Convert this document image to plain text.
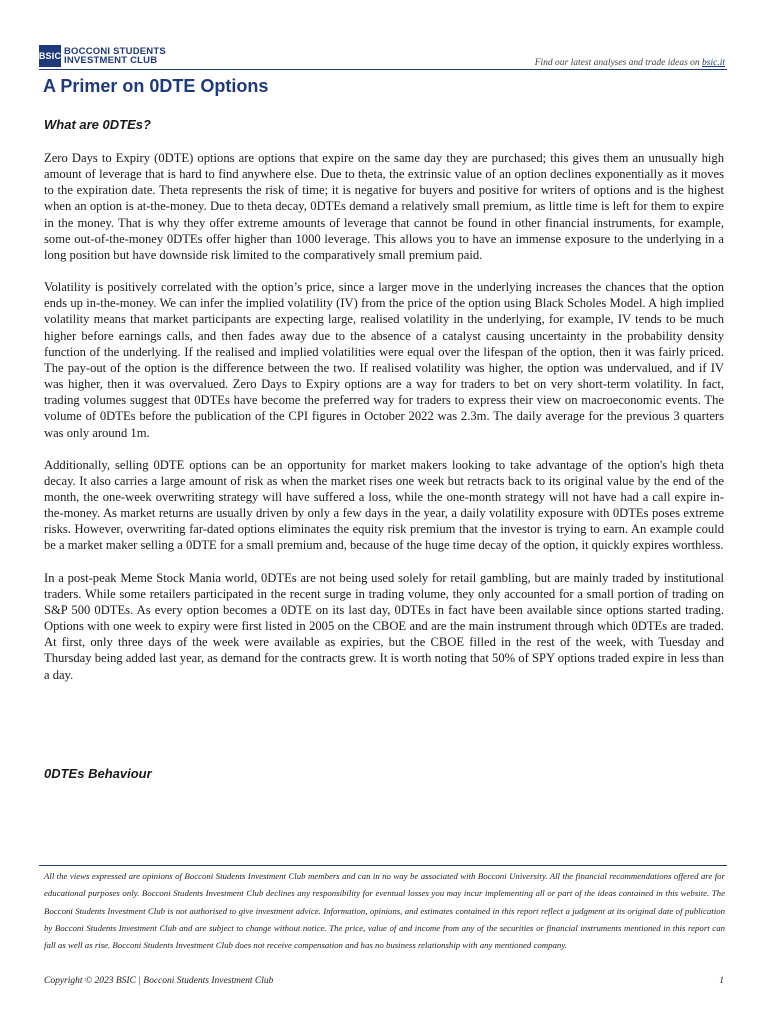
BSIC BOCCONI STUDENTS
INVESTMENT CLUB	Find our latest analyses and trade ideas on bsic.it
A Primer on 0DTE Options
What are 0DTEs?

Zero Days to Expiry (0DTE) options are options that expire on the same day they are purchased; this gives them an unusually high amount of leverage that is hard to find anywhere else. Due to theta, the extrinsic value of an option declines exponentially as it moves to the expiration date. Theta represents the risk of time; it is negative for buyers and positive for writers of options and is the highest when an option is at-the-money. Due to theta decay, 0DTEs demand a relatively small premium, as little time is left for them to expire in the money. That is why they offer extreme amounts of leverage that cannot be found in other financial instruments, for example, some out-of-the-money 0DTEs offer higher than 1000 leverage. This allows you to have an immense exposure to the underlying in a long position but have downside risk limited to the comparatively small premium paid.

Volatility is positively correlated with the option’s price, since a larger move in the underlying increases the chances that the option ends up in-the-money. We can infer the implied volatility (IV) from the price of the option using Black Scholes Model. A high implied volatility means that market participants are expecting large, realised volatility in the underlying, for example, IV tends to be much higher before earnings calls, and then fades away due to the absence of a catalyst causing uncertainty in the probability density function of the underlying. If the realised and implied volatilities were equal over the lifespan of the option, then it was fairly priced. The pay-out of the option is the difference between the two. If realised volatility was higher, the option was undervalued, and if IV was higher, then it was overvalued. Zero Days to Expiry options are a way for traders to bet on very short-term volatility. In fact, trading volumes suggest that 0DTEs have become the preferred way for traders to express their view on macroeconomic events. The volume of 0DTEs before the publication of the CPI figures in October 2022 was 2.3m. The daily average for the previous 3 quarters was only around 1m.

Additionally, selling 0DTE options can be an opportunity for market makers looking to take advantage of the option's high theta decay. It also carries a large amount of risk as when the market rises one week but retracts back to its original value by the end of the month, the one-week overwriting strategy will have suffered a loss, while the one-month strategy will not have had a call expire in-the-money. As market returns are usually driven by only a few days in the year, a daily volatility exposure with 0DTEs poses extreme risks. However, overwriting far-dated options eliminates the equity risk premium that the investor is trying to earn. An example could be a market maker selling a 0DTE for a small premium and, because of the huge time decay of the option, it quickly expires worthless.

In a post-peak Meme Stock Mania world, 0DTEs are not being used solely for retail gambling, but are mainly traded by institutional traders. While some retailers participated in the recent surge in trading volume, they only accounted for a small portion of trading on S&P 500 0DTEs. As every option becomes a 0DTE on its last day, 0DTEs in fact have been available since options started trading. Options with one week to expiry were first listed in 2005 on the CBOE and are the main instrument through which 0DTEs are traded. At first, only three days of the week were available as expiries, but the CBOE filled in the rest of the week, with Tuesday and Thursday being added last year, as demand for the contracts grew. It is worth noting that 50% of SPY options traded expire in less than a day.

0DTEs Behaviour
All the views expressed are opinions of Bocconi Students Investment Club members and can in no way be associated with Bocconi University. All the financial recommendations offered are for educational purposes only. Bocconi Students Investment Club declines any responsibility for eventual losses you may incur implementing all or part of the ideas contained in this website. The Bocconi Students Investment Club is not authorised to give investment advice. Information, opinions, and estimates contained in this report reflect a judgment at its original date of publication by Bocconi Students Investment Club and are subject to change without notice. The price, value of and income from any of the securities or financial instruments mentioned in this report can fall as well as rise. Bocconi Students Investment Club does not receive compensation and has no business relationship with any mentioned company.
Copyright © 2023 BSIC | Bocconi Students Investment Club	1
